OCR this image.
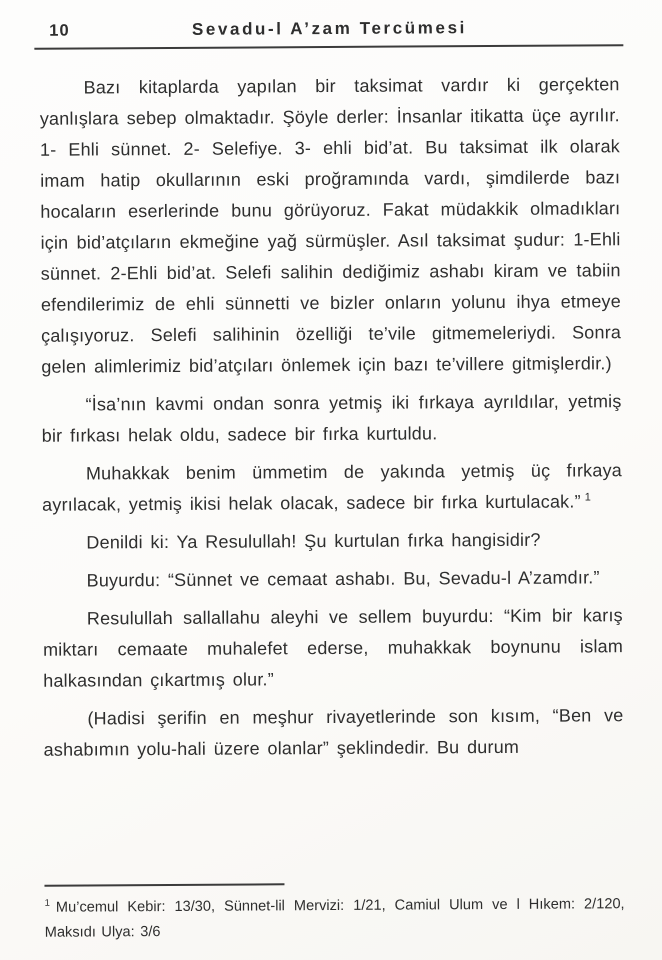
10	Sevadu-l A’zam Tercümesi

Bazı kitaplarda yapılan bir taksimat vardır ki gerçekten yanlışlara sebep olmaktadır. Şöyle derler: İnsanlar itikatta üçe ayrılır. 1- Ehli sünnet. 2- Selefiye. 3- ehli bid’at. Bu taksimat ilk olarak imam hatip okullarının eski proğramında vardı, şimdilerde bazı hocaların eserlerinde bunu görüyoruz. Fakat müdakkik olmadıkları için bid’atçıların ekmeğine yağ sürmüşler. Asıl taksimat şudur: 1-Ehli sünnet. 2-Ehli bid’at. Selefi salihin dediğimiz ashabı kiram ve tabiin efendilerimiz de ehli sünnetti ve bizler onların yolunu ihya etmeye çalışıyoruz. Selefi salihinin özelliği te’vile gitmemeleriydi. Sonra gelen alimlerimiz bid’atçıları önlemek için bazı te’villere gitmişlerdir.)

“İsa’nın kavmi ondan sonra yetmiş iki fırkaya ayrıldılar, yetmiş bir fırkası helak oldu, sadece bir fırka kurtuldu.

Muhakkak benim ümmetim de yakında yetmiş üç fırkaya ayrılacak, yetmiş ikisi helak olacak, sadece bir fırka kurtulacak.” $^1$

Denildi ki: Ya Resulullah! Şu kurtulan fırka hangisidir?

Buyurdu: “Sünnet ve cemaat ashabı. Bu, Sevadu-l A’zamdır.”

Resulullah sallallahu aleyhi ve sellem buyurdu: “Kim bir karış miktarı cemaate muhalefet ederse, muhakkak boynunu islam halkasından çıkartmış olur.”

(Hadisi şerifin en meşhur rivayetlerinde son kısım, “Ben ve ashabımın yolu-hali üzere olanlar” şeklindedir. Bu durum

$^1$ Mu’cemul Kebir: 13/30, Sünnet-lil Mervizi: 1/21, Camiul Ulum ve l Hıkem: 2/120, Maksıdı Ulya: 3/6
